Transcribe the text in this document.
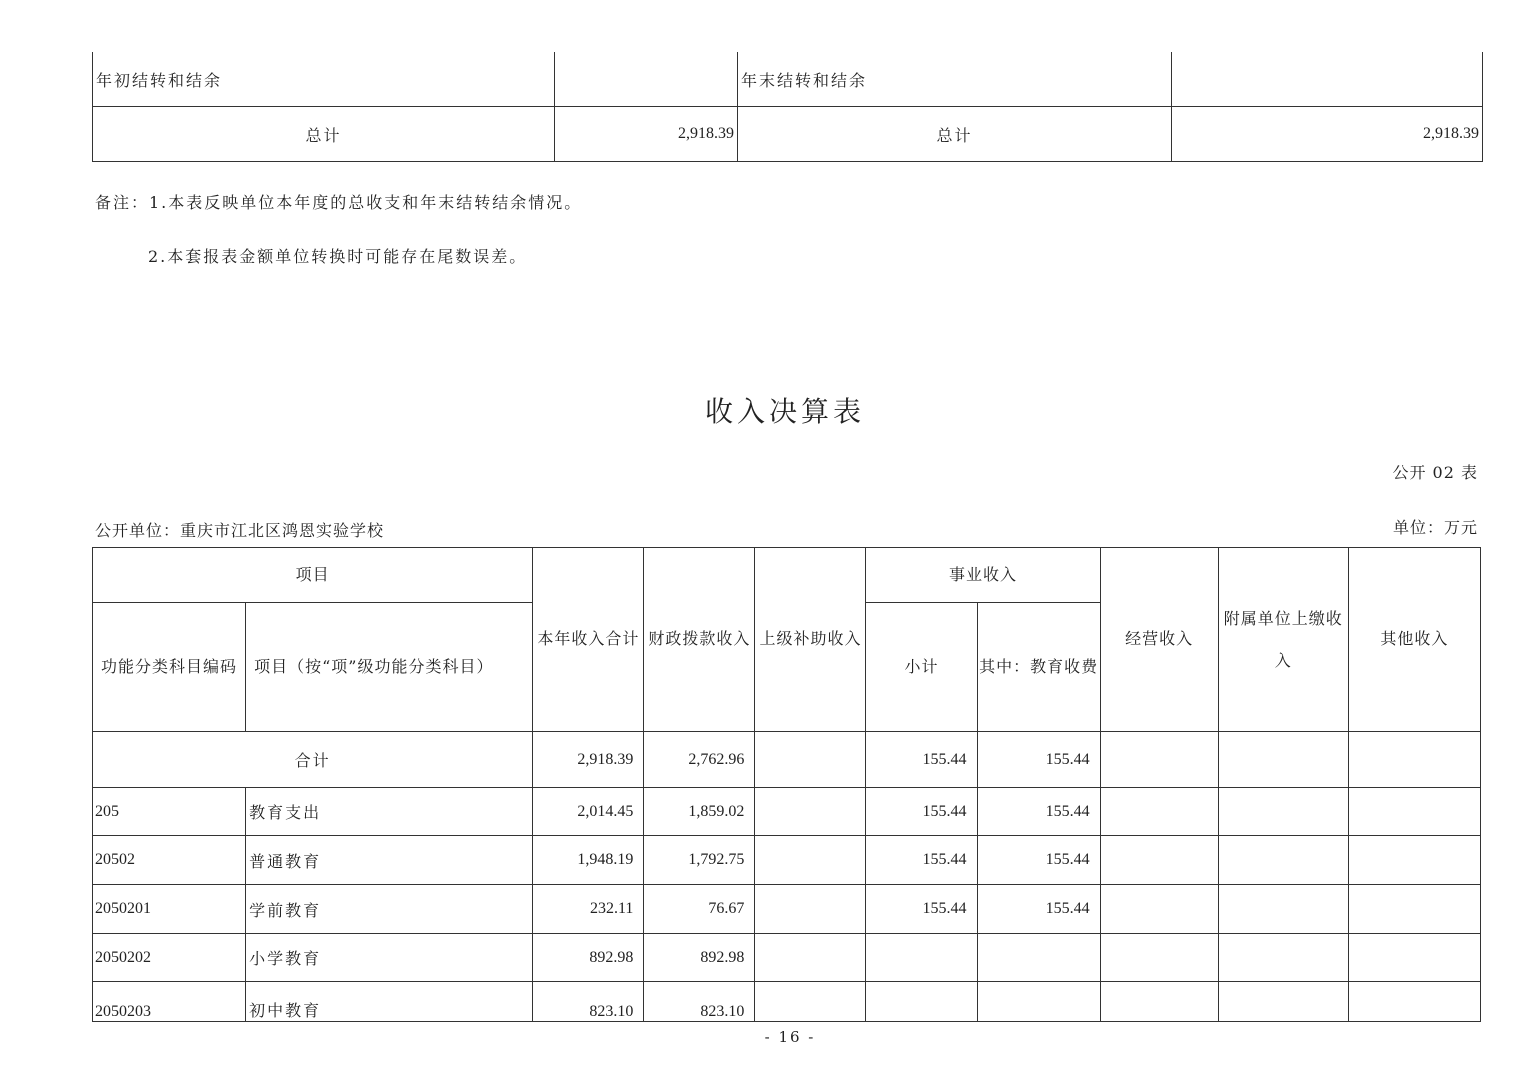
年初结转和结余		年末结转和结余	
总计	2,918.39	总计	2,918.39
备注：1.本表反映单位本年度的总收支和年末结转结余情况。
2.本套报表金额单位转换时可能存在尾数误差。
收入决算表
公开 02 表
公开单位：重庆市江北区鸿恩实验学校	单位：万元
项目		本年收入合计	财政拨款收入	上级补助收入	事业收入		经营收入	附属单位上缴收入	其他收入
功能分类科目编码	项目（按“项”级功能分类科目）				小计	其中：教育收费			
合计		2,918.39	2,762.96		155.44	155.44			
205	教育支出	2,014.45	1,859.02		155.44	155.44			
20502	普通教育	1,948.19	1,792.75		155.44	155.44			
2050201	学前教育	232.11	76.67		155.44	155.44			
2050202	小学教育	892.98	892.98						
2050203	初中教育	823.10	823.10						
- 16 -
